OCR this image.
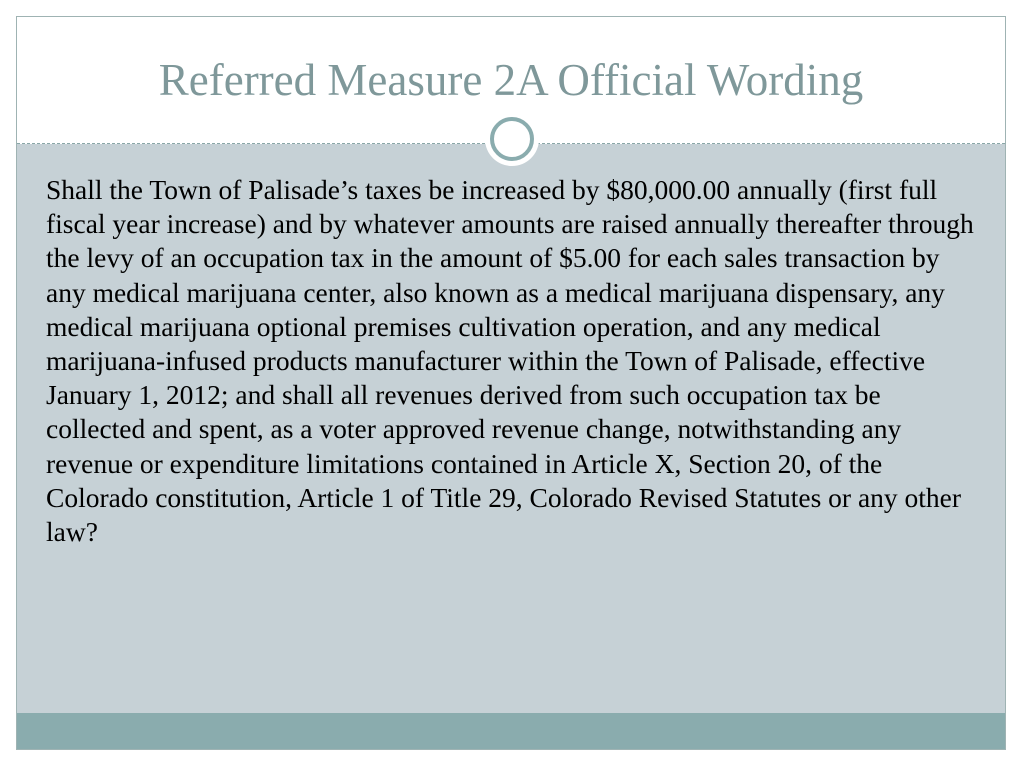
Referred Measure 2A Official Wording

Shall the Town of Palisade’s taxes be increased by $80,000.00 annually (first full fiscal year increase) and by whatever amounts are raised annually thereafter through the levy of an occupation tax in the amount of $5.00 for each sales transaction by any medical marijuana center, also known as a medical marijuana dispensary, any medical marijuana optional premises cultivation operation, and any medical marijuana-infused products manufacturer within the Town of Palisade, effective January 1, 2012; and shall all revenues derived from such occupation tax be collected and spent, as a voter approved revenue change, notwithstanding any revenue or expenditure limitations contained in Article X, Section 20, of the Colorado constitution, Article 1 of Title 29, Colorado Revised Statutes or any other law?
